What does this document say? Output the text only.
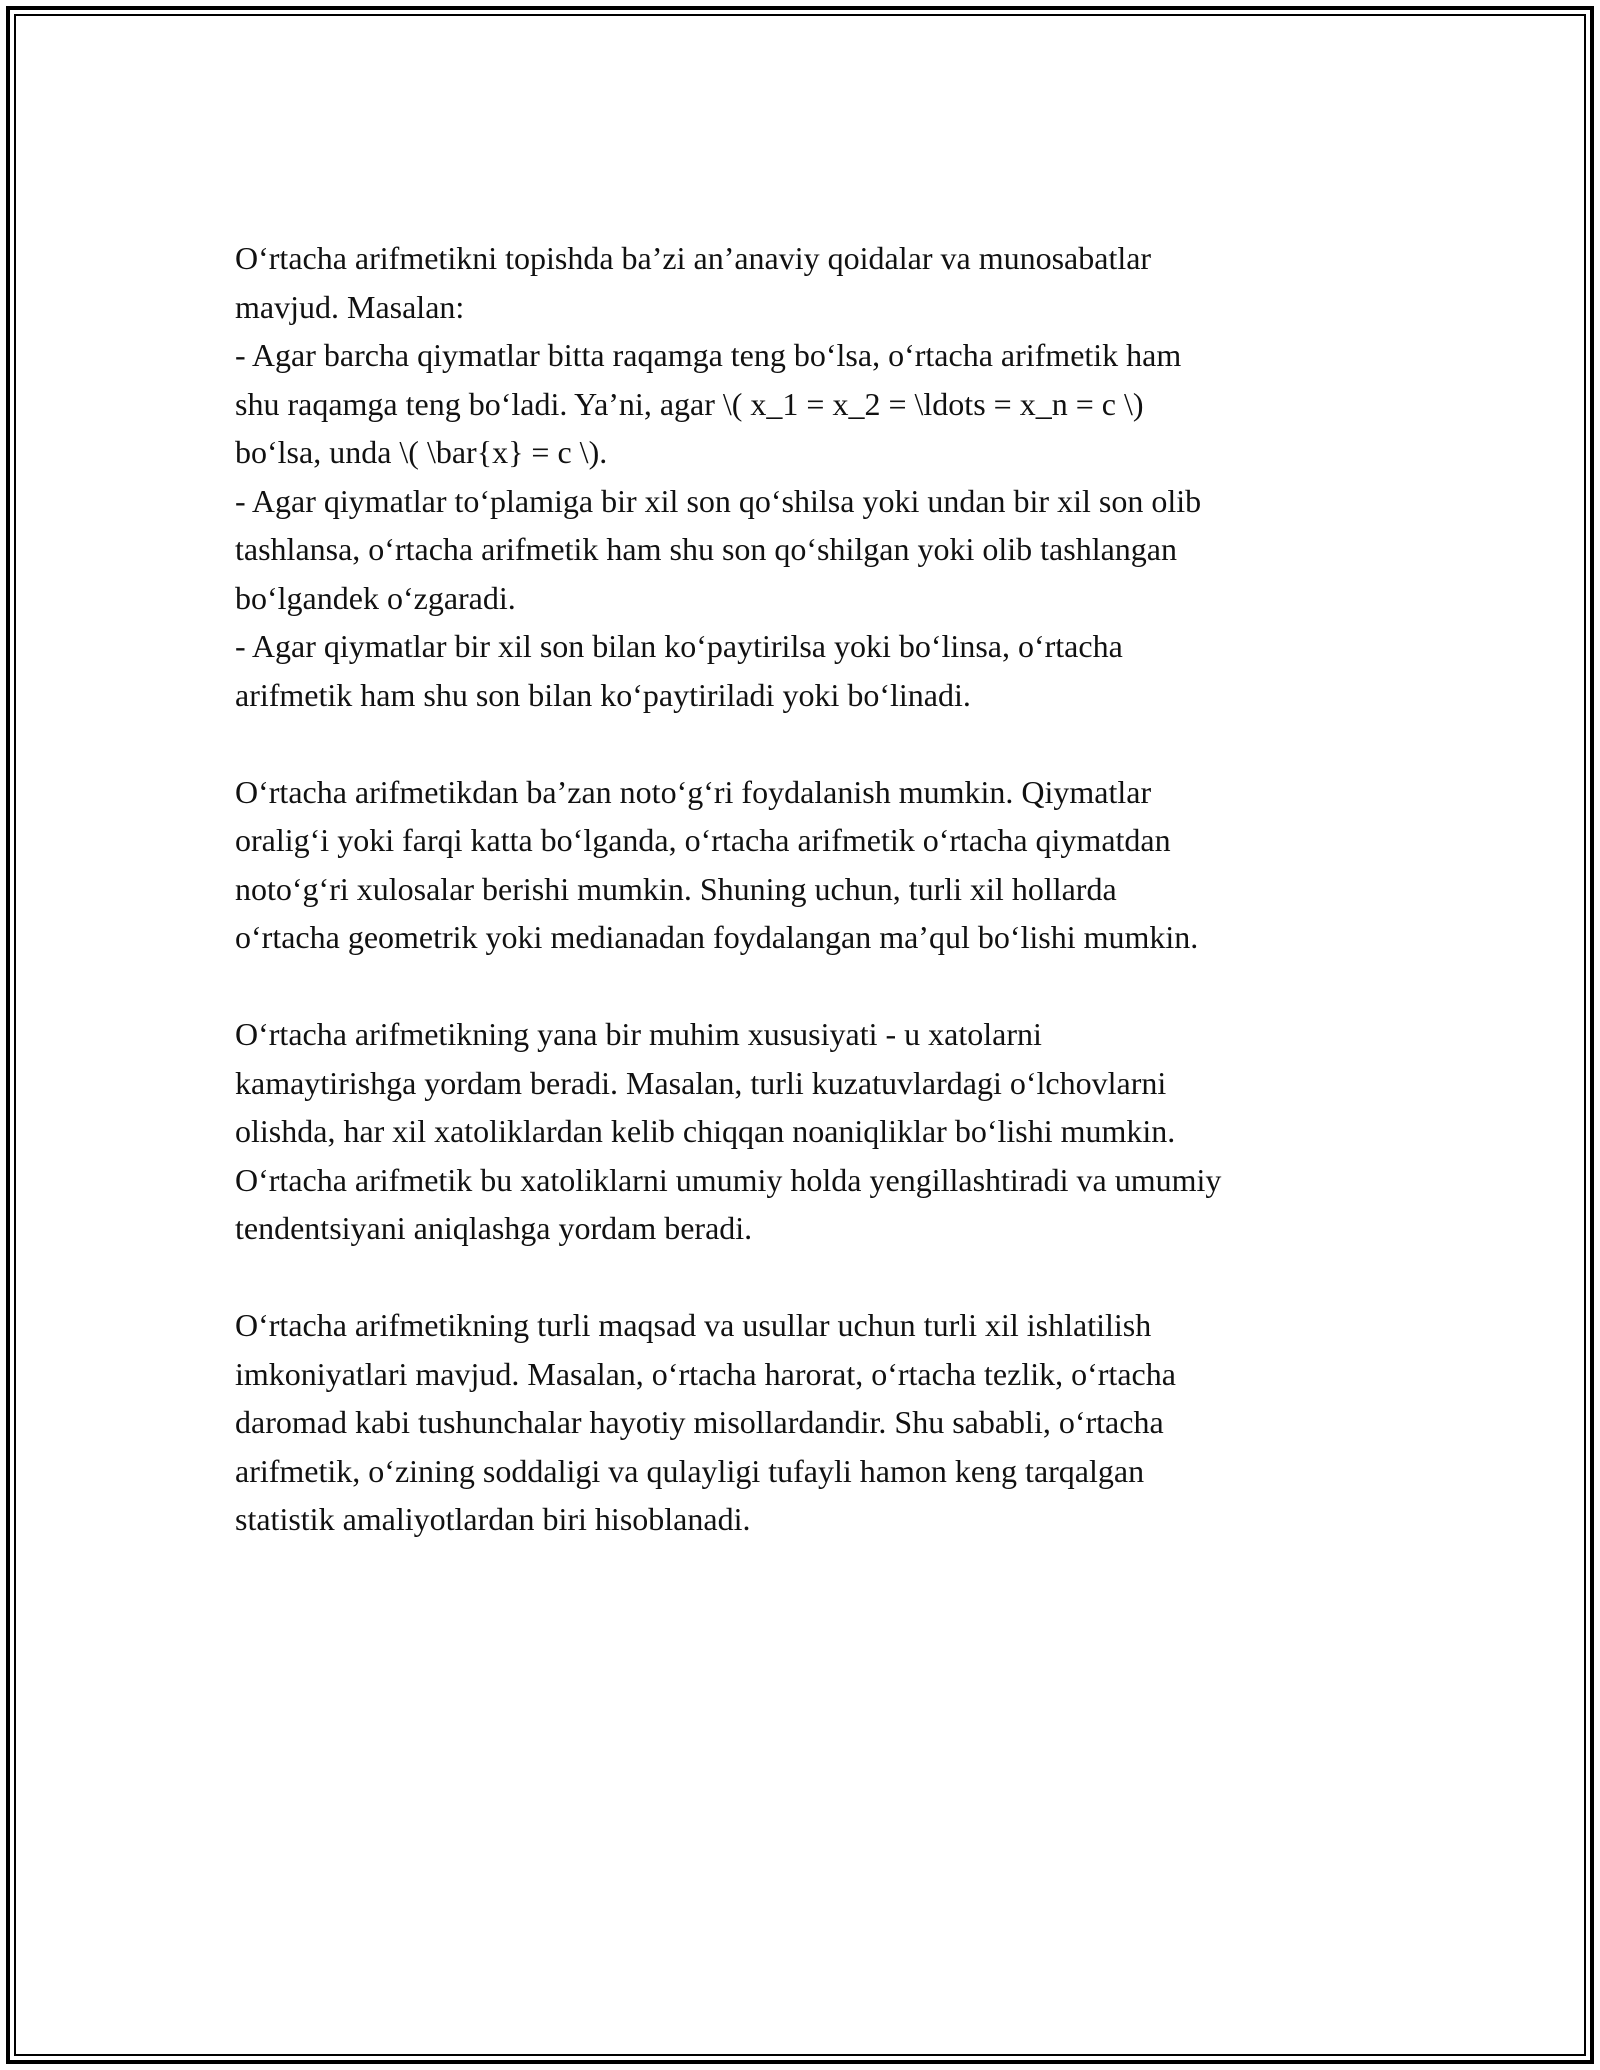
O‘rtacha arifmetikni topishda ba’zi an’anaviy qoidalar va munosabatlar
mavjud. Masalan:
- Agar barcha qiymatlar bitta raqamga teng bo‘lsa, o‘rtacha arifmetik ham
shu raqamga teng bo‘ladi. Ya’ni, agar \( x_1 = x_2 = \ldots = x_n = c \)
bo‘lsa, unda \( \bar{x} = c \).
- Agar qiymatlar to‘plamiga bir xil son qo‘shilsa yoki undan bir xil son olib
tashlansa, o‘rtacha arifmetik ham shu son qo‘shilgan yoki olib tashlangan
bo‘lgandek o‘zgaradi.
- Agar qiymatlar bir xil son bilan ko‘paytirilsa yoki bo‘linsa, o‘rtacha
arifmetik ham shu son bilan ko‘paytiriladi yoki bo‘linadi.

O‘rtacha arifmetikdan ba’zan noto‘g‘ri foydalanish mumkin. Qiymatlar
oralig‘i yoki farqi katta bo‘lganda, o‘rtacha arifmetik o‘rtacha qiymatdan
noto‘g‘ri xulosalar berishi mumkin. Shuning uchun, turli xil hollarda
o‘rtacha geometrik yoki medianadan foydalangan ma’qul bo‘lishi mumkin.

O‘rtacha arifmetikning yana bir muhim xususiyati - u xatolarni
kamaytirishga yordam beradi. Masalan, turli kuzatuvlardagi o‘lchovlarni
olishda, har xil xatoliklardan kelib chiqqan noaniqliklar bo‘lishi mumkin.
O‘rtacha arifmetik bu xatoliklarni umumiy holda yengillashtiradi va umumiy
tendentsiyani aniqlashga yordam beradi.

O‘rtacha arifmetikning turli maqsad va usullar uchun turli xil ishlatilish
imkoniyatlari mavjud. Masalan, o‘rtacha harorat, o‘rtacha tezlik, o‘rtacha
daromad kabi tushunchalar hayotiy misollardandir. Shu sababli, o‘rtacha
arifmetik, o‘zining soddaligi va qulayligi tufayli hamon keng tarqalgan
statistik amaliyotlardan biri hisoblanadi.
